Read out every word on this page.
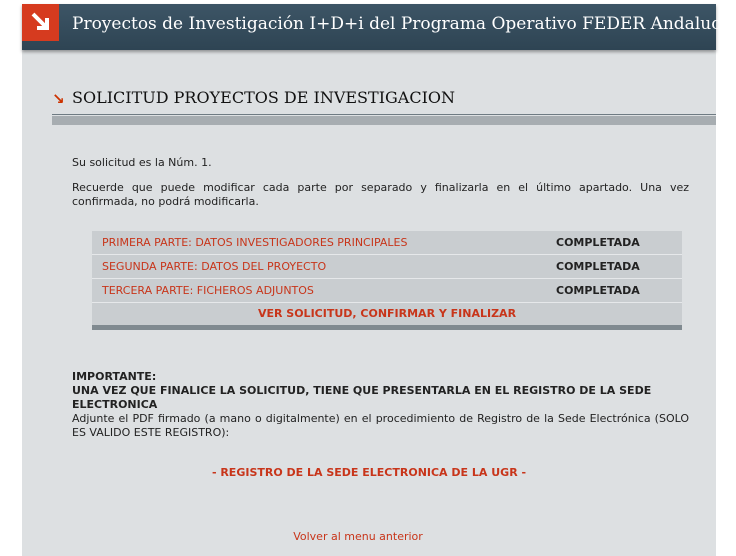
Proyectos de Investigación I+D+i del Programa Operativo FEDER Andalucía
↘ SOLICITUD PROYECTOS DE INVESTIGACION
Su solicitud es la Núm. 1.
Recuerde que puede modificar cada parte por separado y finalizarla en el último apartado. Una vez confirmada, no podrá modificarla.
PRIMERA PARTE: DATOS INVESTIGADORES PRINCIPALES	COMPLETADA
SEGUNDA PARTE: DATOS DEL PROYECTO	COMPLETADA
TERCERA PARTE: FICHEROS ADJUNTOS	COMPLETADA
VER SOLICITUD, CONFIRMAR Y FINALIZAR
IMPORTANTE:
UNA VEZ QUE FINALICE LA SOLICITUD, TIENE QUE PRESENTARLA EN EL REGISTRO DE LA SEDE ELECTRONICA
Adjunte el PDF firmado (a mano o digitalmente) en el procedimiento de Registro de la Sede Electrónica (SOLO ES VALIDO ESTE REGISTRO):
- REGISTRO DE LA SEDE ELECTRONICA DE LA UGR -
Volver al menu anterior
